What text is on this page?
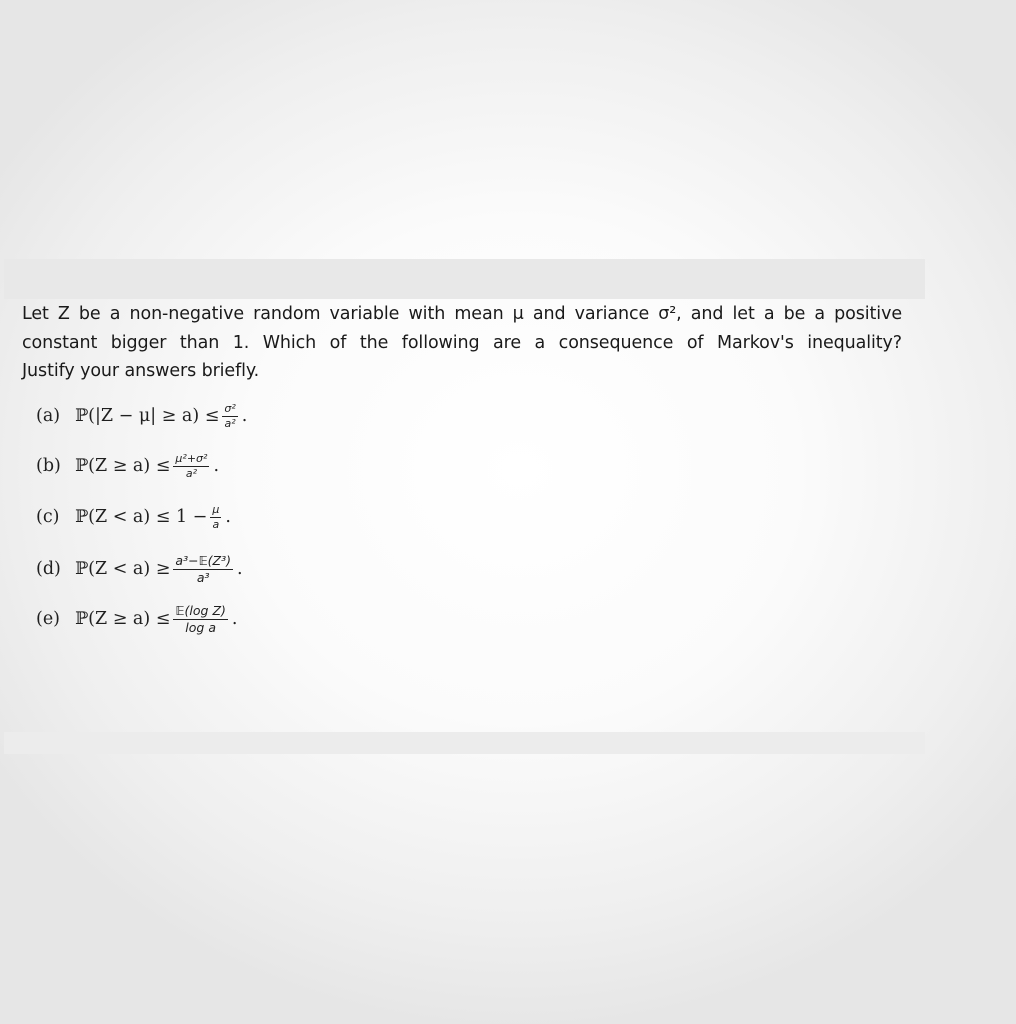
Let Z be a non-negative random variable with mean μ and variance σ², and let a be a positive

constant bigger than 1. Which of the following are a consequence of Markov's inequality?

Justify your answers briefly.

(a) ℙ(|Z − $\mu| \ge a) \le \frac{\text{σ²}}{\text{a²}}$ .
(b) ℙ(Z ≥ $a) \le \frac{\text{μ²+σ²}}{\text{a²}}$ .
(c) ℙ(Z < $a) \le 1 - \frac{\mu}{a}$ .
(d) ℙ(Z < $a) \ge \frac{\text{a³−𝔼(Z³)}}{\text{a³}}$ .
(e) ℙ(Z ≥ $a) \le \frac{\text{𝔼(log Z)}}{\text{log a}}$ .
